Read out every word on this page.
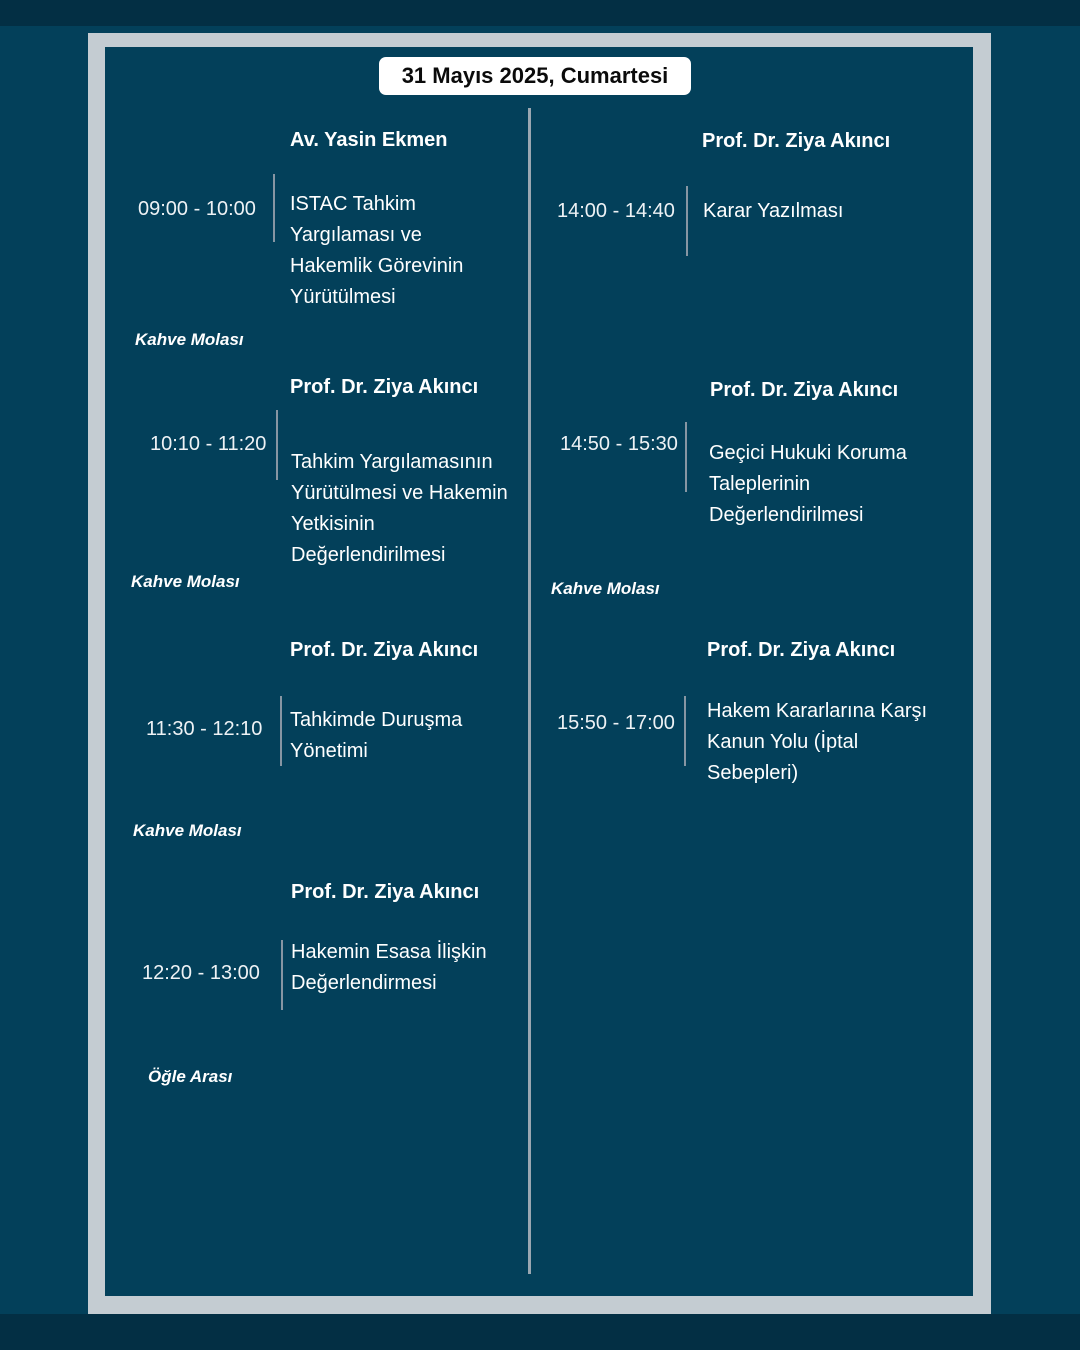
31 Mayıs 2025, Cumartesi
Av. Yasin Ekmen
09:00 - 10:00 ISTAC Tahkim Yargılaması ve Hakemlik Görevinin Yürütülmesi
Kahve Molası
Prof. Dr. Ziya Akıncı
10:10 - 11:20
Tahkim Yargılamasının Yürütülmesi ve Hakemin Yetkisinin Değerlendirilmesi
Kahve Molası
Prof. Dr. Ziya Akıncı
11:30 - 12:10 Tahkimde Duruşma Yönetimi
Kahve Molası
Prof. Dr. Ziya Akıncı
12:20 - 13:00
Hakemin Esasa İlişkin Değerlendirmesi
Öğle Arası
Prof. Dr. Ziya Akıncı
14:00 - 14:40 Karar Yazılması
Prof. Dr. Ziya Akıncı
14:50 - 15:30 Geçici Hukuki Koruma Taleplerinin Değerlendirilmesi
Kahve Molası
Prof. Dr. Ziya Akıncı
15:50 - 17:00
Hakem Kararlarına Karşı Kanun Yolu (İptal Sebepleri)
